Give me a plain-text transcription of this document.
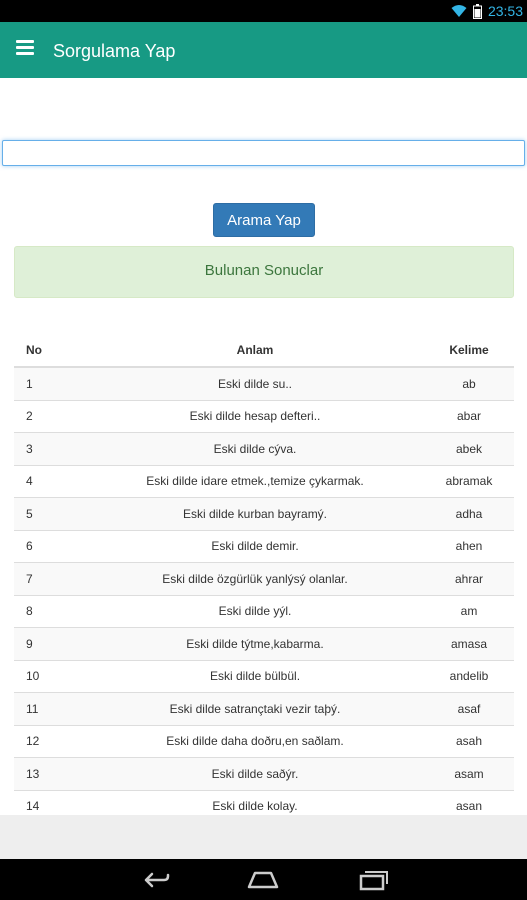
23:53
Sorgulama Yap
Arama Yap
Bulunan Sonuclar
No	Anlam	Kelime
1	Eski dilde su..	ab
2	Eski dilde hesap defteri..	abar
3	Eski dilde cýva.	abek
4	Eski dilde idare etmek.,temize çykarmak.	abramak
5	Eski dilde kurban bayramý.	adha
6	Eski dilde demir.	ahen
7	Eski dilde özgürlük yanlýsý olanlar.	ahrar
8	Eski dilde yýl.	am
9	Eski dilde týtme,kabarma.	amasa
10	Eski dilde bülbül.	andelib
11	Eski dilde satrançtaki vezir taþý.	asaf
12	Eski dilde daha doðru,en saðlam.	asah
13	Eski dilde saðýr.	asam
14	Eski dilde kolay.	asan
